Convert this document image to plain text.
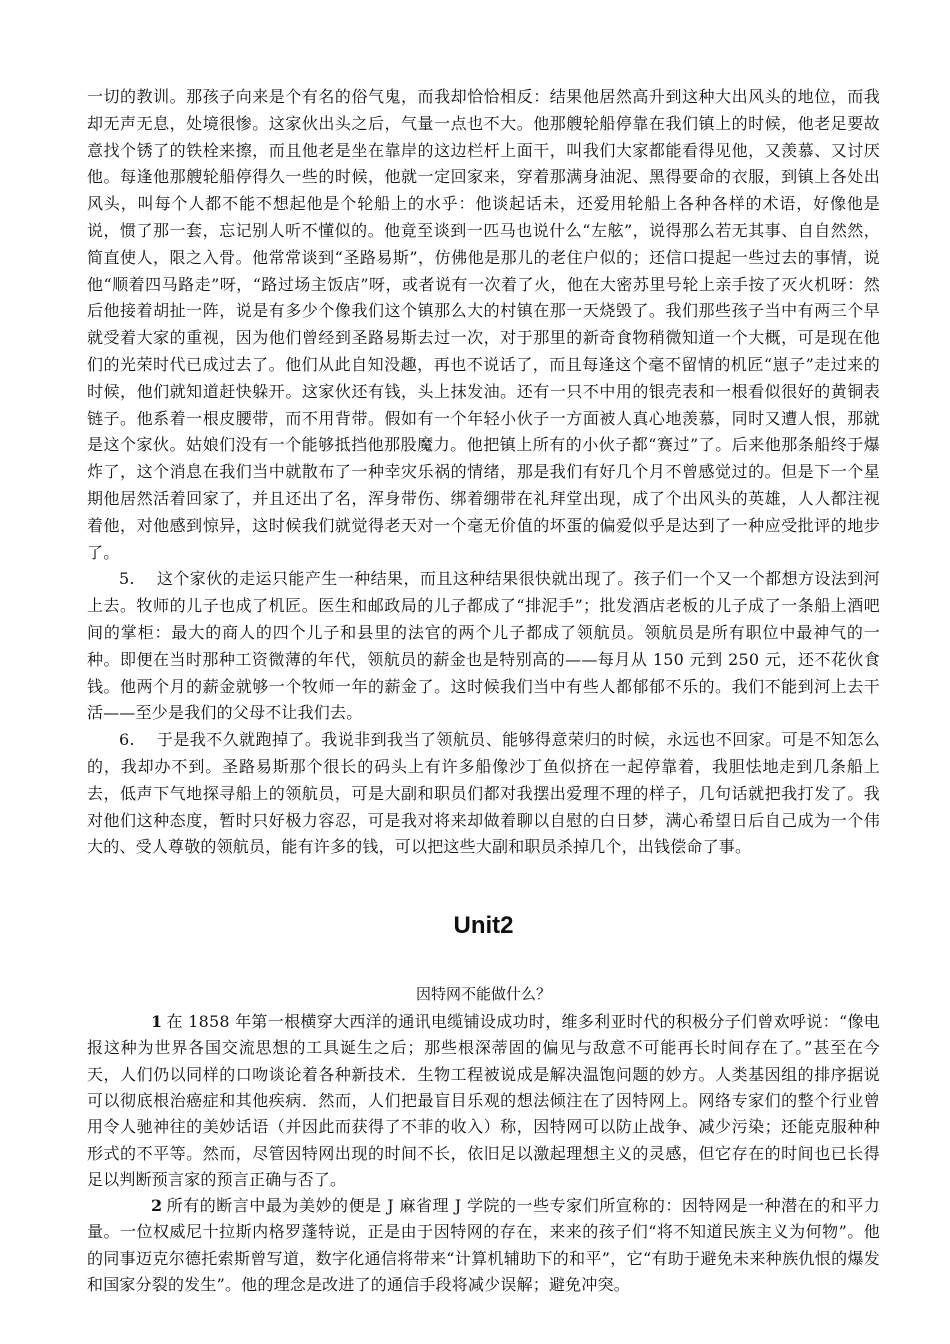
一切的教训。那孩子向来是个有名的俗气鬼，而我却恰恰相反：结果他居然高升到这种大出风头的地位，而我却无声无息，处境很惨。这家伙出头之后，气量一点也不大。他那艘轮船停靠在我们镇上的时候，他老足要故意找个锈了的铁栓来擦，而且他老是坐在靠岸的这边栏杆上面干，叫我们大家都能看得见他，又羡慕、又讨厌他。每逢他那艘轮船停得久一些的时候，他就一定回家来，穿着那满身油泥、黑得要命的衣服，到镇上各处出风头，叫每个人都不能不想起他是个轮船上的水乎：他谈起话未，还爱用轮船上各种各样的术语，好像他是说，惯了那一套，忘记别人听不懂似的。他竟至谈到一匹马也说什么“左舷”，说得那么若无其事、自自然然，简直使人，限之入骨。他常常谈到“圣路易斯”，仿佛他是那儿的老住户似的；还信口提起一些过去的事情，说他“顺着四马路走”呀，“路过场主饭店”呀，或者说有一次着了火，他在大密苏里号轮上亲手按了灭火机呀：然后他接着胡扯一阵，说是有多少个像我们这个镇那么大的村镇在那一天烧毁了。我们那些孩子当中有两三个早就受着大家的重视，因为他们曾经到圣路易斯去过一次，对于那里的新奇食物稍微知道一个大概，可是现在他们的光荣时代已成过去了。他们从此自知没趣，再也不说话了，而且每逢这个毫不留情的机匠“崽子”走过来的时候，他们就知道赶快躲开。这家伙还有钱，头上抹发油。还有一只不中用的银壳表和一根看似很好的黄铜表链子。他系着一根皮腰带，而不用背带。假如有一个年轻小伙子一方面被人真心地羡慕，同时又遭人恨，那就是这个家伙。姑娘们没有一个能够抵挡他那股魔力。他把镇上所有的小伙子都“赛过”了。后来他那条船终于爆炸了，这个消息在我们当中就散布了一种幸灾乐祸的情绪，那是我们有好几个月不曾感觉过的。但是下一个星期他居然活着回家了，并且还出了名，浑身带伤、绑着绷带在礼拜堂出现，成了个出风头的英雄，人人都注视着他，对他感到惊异，这时候我们就觉得老天对一个毫无价值的坏蛋的偏爱似乎是达到了一种应受批评的地步了。

5. 这个家伙的走运只能产生一种结果，而且这种结果很快就出现了。孩子们一个又一个都想方设法到河上去。牧师的儿子也成了机匠。医生和邮政局的儿子都成了“排泥手”；批发酒店老板的儿子成了一条船上酒吧间的掌柜：最大的商人的四个儿子和县里的法官的两个儿子都成了领航员。领航员是所有职位中最神气的一种。即便在当时那种工资微薄的年代，领航员的薪金也是特别高的——每月从 150 元到 250 元，还不花伙食钱。他两个月的薪金就够一个牧师一年的薪金了。这时候我们当中有些人都郁郁不乐的。我们不能到河上去干活——至少是我们的父母不让我们去。

6. 于是我不久就跑掉了。我说非到我当了领航员、能够得意荣归的时候，永远也不回家。可是不知怎么的，我却办不到。圣路易斯那个很长的码头上有许多船像沙丁鱼似挤在一起停靠着，我胆怯地走到几条船上去，低声下气地探寻船上的领航员，可是大副和职员们都对我摆出爱理不理的样子，几句话就把我打发了。我对他们这种态度，暂时只好极力容忍，可是我对将来却做着聊以自慰的白日梦，满心希望日后自己成为一个伟大的、受人尊敬的领航员，能有许多的钱，可以把这些大副和职员杀掉几个，出钱偿命了事。

Unit2
因特网不能做什么？

1 在 1858 年第一根横穿大西洋的通讯电缆铺设成功时，维多利亚时代的积极分子们曾欢呼说：“像电报这种为世界各国交流思想的工具诞生之后；那些根深蒂固的偏见与敌意不可能再长时间存在了。”甚至在今天，人们仍以同样的口吻谈论着各种新技术．生物工程被说成是解决温饱问题的妙方。人类基因组的排序据说可以彻底根治癌症和其他疾病．然而，人们把最盲目乐观的想法倾注在了因特网上。网络专家们的整个行业曾用令人驰神往的美妙话语（并因此而获得了不菲的收入）称，因特网可以防止战争、减少污染；还能克服种种形式的不平等。然而，尽管因特网出现的时间不长，依旧足以激起理想主义的灵感，但它存在的时间也已长得足以判断预言家的预言正确与否了。

2 所有的断言中最为美妙的便是 J 麻省理 J 学院的一些专家们所宣称的：因特网是一种潜在的和平力量。一位权威尼十拉斯内格罗蓬特说，正是由于因特网的存在，来来的孩子们“将不知道民族主义为何物”。他的同事迈克尔德托索斯曾写道，数字化通信将带来“计算机辅助下的和平”，它“有助于避免未来种族仇恨的爆发和国家分裂的发生”。他的理念是改进了的通信手段将减少误解；避免冲突。
